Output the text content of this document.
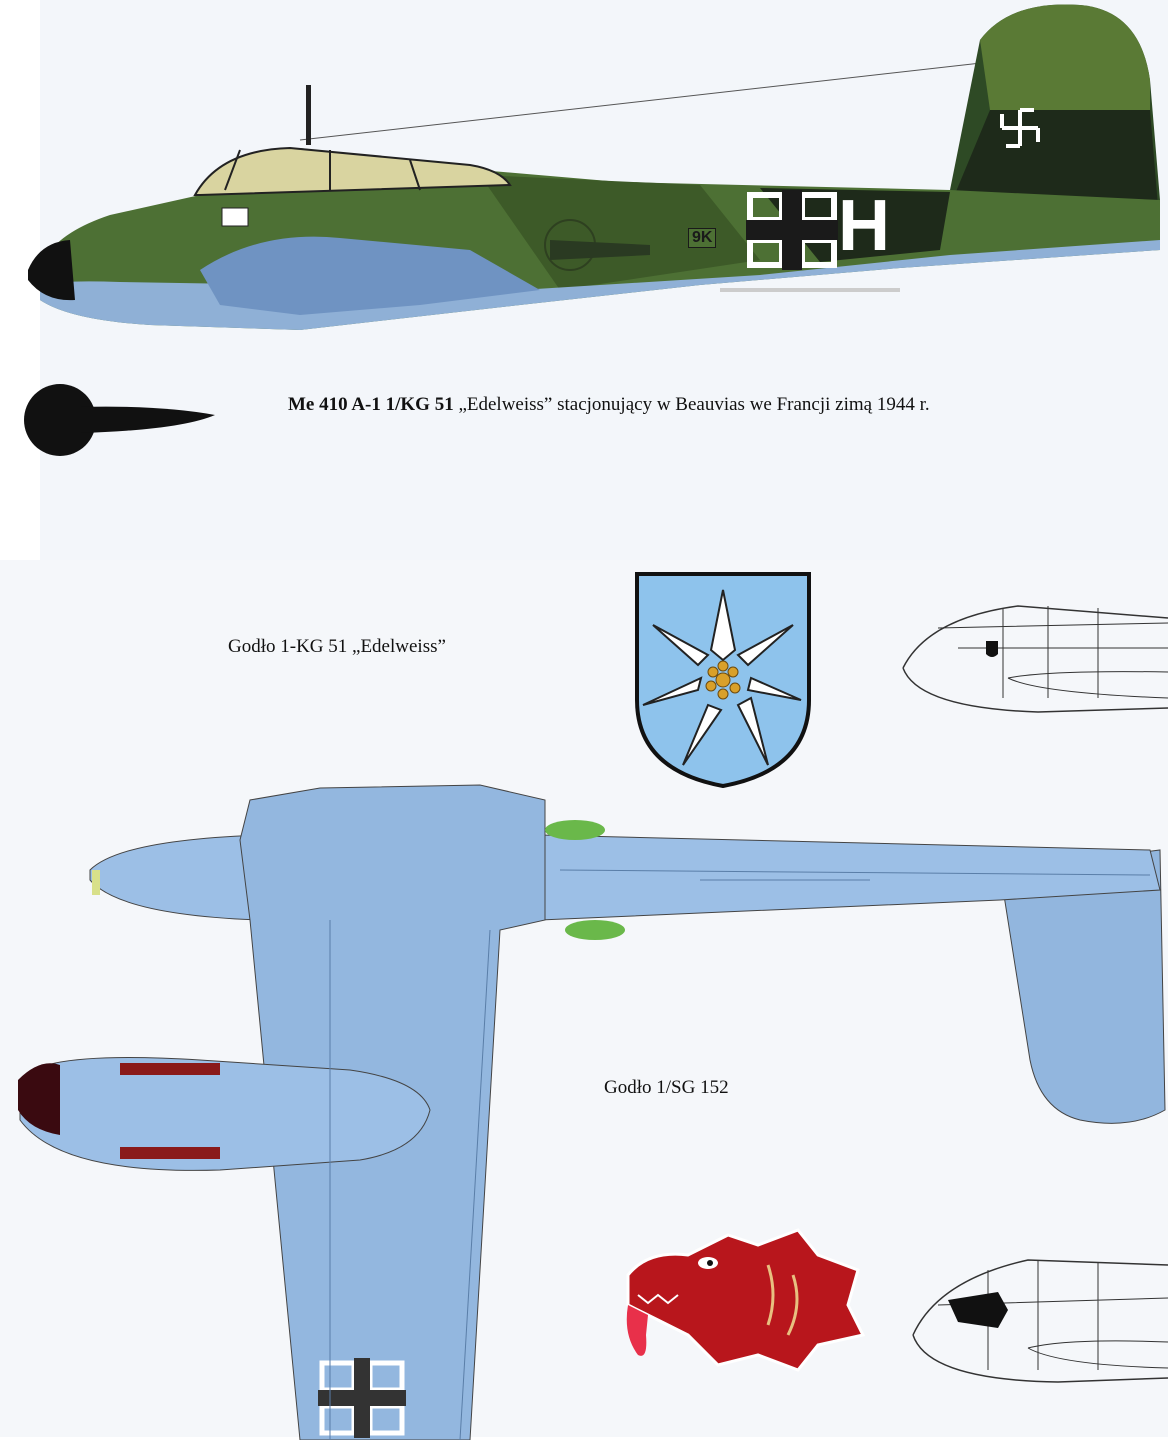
9K H
Me 410 A-1 1/KG 51 „Edelweiss” stacjonujący w Beauvias we Francji zimą 1944 r.
Godło 1-KG 51 „Edelweiss”
Godło 1/SG 152
